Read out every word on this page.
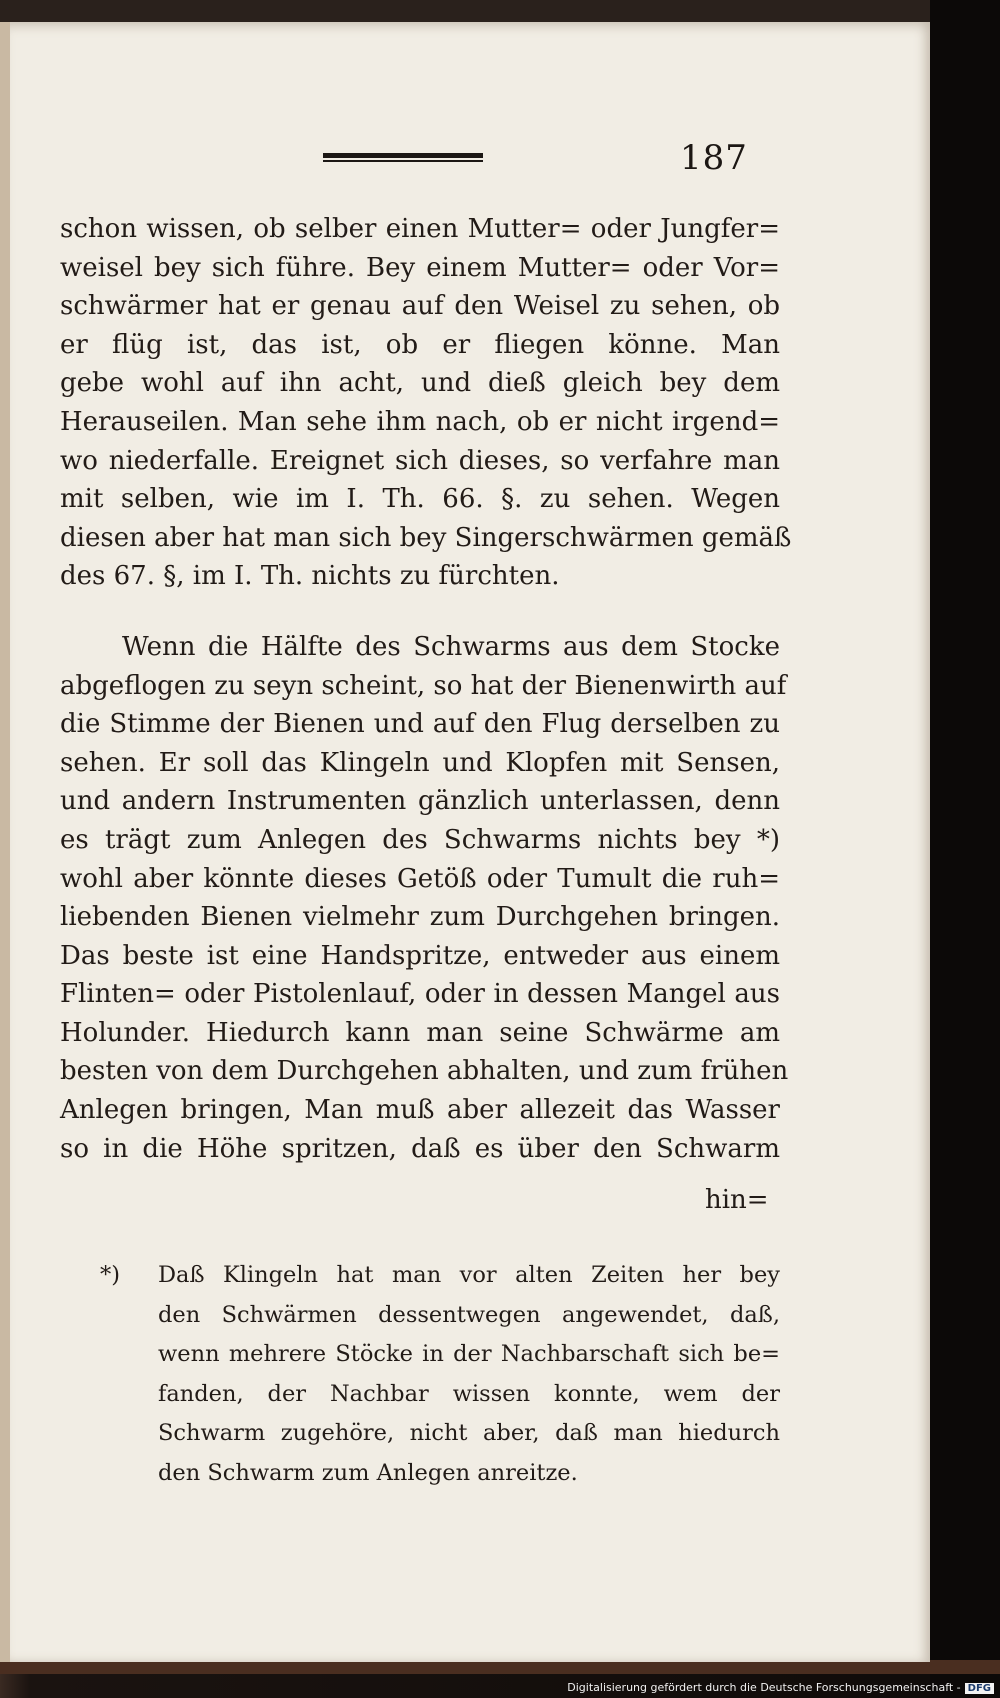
187
schon wissen, ob selber einen Mutter= oder Jungfer=
weisel bey sich führe. Bey einem Mutter= oder Vor=
schwärmer hat er genau auf den Weisel zu sehen, ob
er flüg ist, das ist, ob er fliegen könne. Man
gebe wohl auf ihn acht, und dieß gleich bey dem
Herauseilen. Man sehe ihm nach, ob er nicht irgend=
wo niederfalle. Ereignet sich dieses, so verfahre man
mit selben, wie im I. Th. 66. §. zu sehen. Wegen
diesen aber hat man sich bey Singerschwärmen gemäß
des 67. §, im I. Th. nichts zu fürchten.
Wenn die Hälfte des Schwarms aus dem Stocke
abgeflogen zu seyn scheint, so hat der Bienenwirth auf
die Stimme der Bienen und auf den Flug derselben zu
sehen. Er soll das Klingeln und Klopfen mit Sensen,
und andern Instrumenten gänzlich unterlassen, denn
es trägt zum Anlegen des Schwarms nichts bey *)
wohl aber könnte dieses Getöß oder Tumult die ruh=
liebenden Bienen vielmehr zum Durchgehen bringen.
Das beste ist eine Handspritze, entweder aus einem
Flinten= oder Pistolenlauf, oder in dessen Mangel aus
Holunder. Hiedurch kann man seine Schwärme am
besten von dem Durchgehen abhalten, und zum frühen
Anlegen bringen, Man muß aber allezeit das Wasser
so in die Höhe spritzen, daß es über den Schwarm
hin=
*) Daß Klingeln hat man vor alten Zeiten her bey
den Schwärmen dessentwegen angewendet, daß,
wenn mehrere Stöcke in der Nachbarschaft sich be=
fanden, der Nachbar wissen konnte, wem der
Schwarm zugehöre, nicht aber, daß man hiedurch
den Schwarm zum Anlegen anreitze.
Digitalisierung gefördert durch die Deutsche Forschungsgemeinschaft - DFG
